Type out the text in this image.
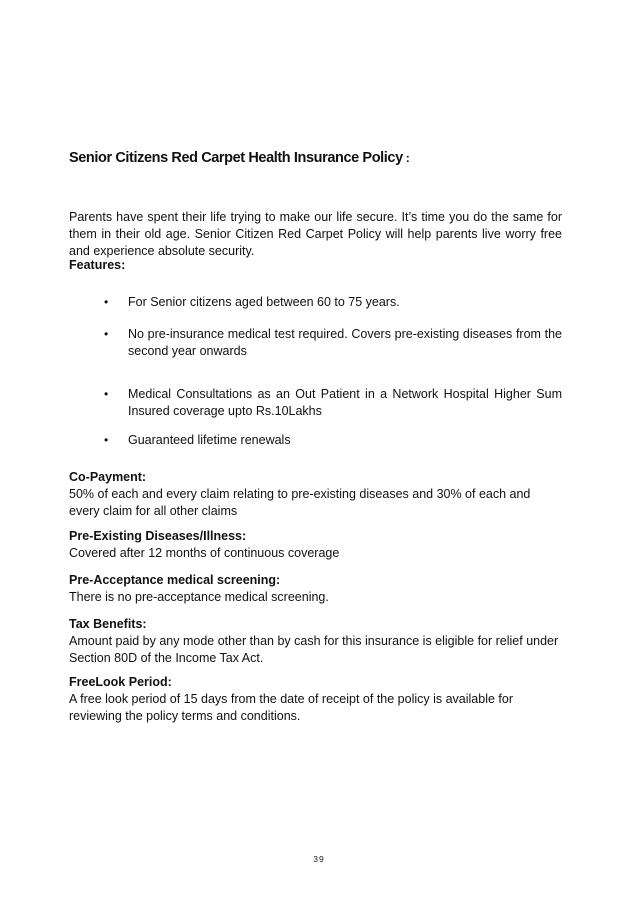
Senior Citizens Red Carpet Health Insurance Policy :

Parents have spent their life trying to make our life secure. It’s time you do the same for them in their old age. Senior Citizen Red Carpet Policy will help parents live worry free and experience absolute security.

Features:
• For Senior citizens aged between 60 to 75 years.
• No pre-insurance medical test required. Covers pre-existing diseases from the second year onwards
• Medical Consultations as an Out Patient in a Network Hospital Higher Sum Insured coverage upto Rs.10Lakhs
• Guaranteed lifetime renewals
Co-Payment:
50% of each and every claim relating to pre-existing diseases and 30% of each and every claim for all other claims
Pre-Existing Diseases/Illness:
Covered after 12 months of continuous coverage
Pre-Acceptance medical screening:
There is no pre-acceptance medical screening.
Tax Benefits:
Amount paid by any mode other than by cash for this insurance is eligible for relief under Section 80D of the Income Tax Act.
FreeLook Period:
A free look period of 15 days from the date of receipt of the policy is available for reviewing the policy terms and conditions.
39
